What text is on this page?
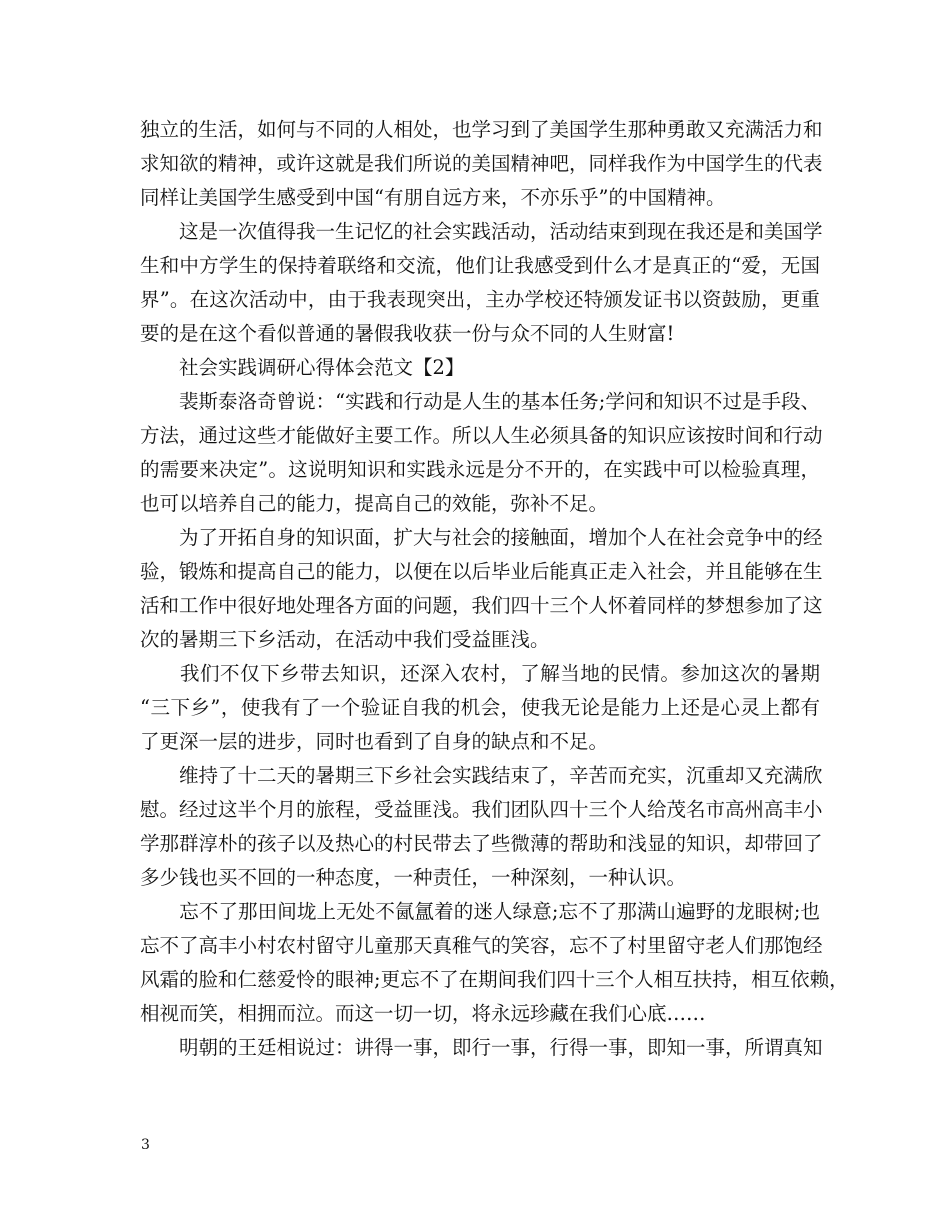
独立的生活，如何与不同的人相处，也学习到了美国学生那种勇敢又充满活力和
求知欲的精神，或许这就是我们所说的美国精神吧，同样我作为中国学生的代表
同样让美国学生感受到中国“有朋自远方来，不亦乐乎”的中国精神。
　　这是一次值得我一生记忆的社会实践活动，活动结束到现在我还是和美国学
生和中方学生的保持着联络和交流，他们让我感受到什么才是真正的“爱，无国
界”。在这次活动中，由于我表现突出，主办学校还特颁发证书以资鼓励，更重
要的是在这个看似普通的暑假我收获一份与众不同的人生财富!
　　社会实践调研心得体会范文【2】
　　裴斯泰洛奇曾说：“实践和行动是人生的基本任务;学问和知识不过是手段、
方法，通过这些才能做好主要工作。所以人生必须具备的知识应该按时间和行动
的需要来决定”。这说明知识和实践永远是分不开的，在实践中可以检验真理，
也可以培养自己的能力，提高自己的效能，弥补不足。
　　为了开拓自身的知识面，扩大与社会的接触面，增加个人在社会竞争中的经
验，锻炼和提高自己的能力，以便在以后毕业后能真正走入社会，并且能够在生
活和工作中很好地处理各方面的问题，我们四十三个人怀着同样的梦想参加了这
次的暑期三下乡活动，在活动中我们受益匪浅。
　　我们不仅下乡带去知识，还深入农村，了解当地的民情。参加这次的暑期
“三下乡”，使我有了一个验证自我的机会，使我无论是能力上还是心灵上都有
了更深一层的进步，同时也看到了自身的缺点和不足。
　　维持了十二天的暑期三下乡社会实践结束了，辛苦而充实，沉重却又充满欣
慰。经过这半个月的旅程，受益匪浅。我们团队四十三个人给茂名市高州高丰小
学那群淳朴的孩子以及热心的村民带去了些微薄的帮助和浅显的知识，却带回了
多少钱也买不回的一种态度，一种责任，一种深刻，一种认识。
　　忘不了那田间垅上无处不氤氲着的迷人绿意;忘不了那满山遍野的龙眼树;也
忘不了高丰小村农村留守儿童那天真稚气的笑容，忘不了村里留守老人们那饱经
风霜的脸和仁慈爱怜的眼神;更忘不了在期间我们四十三个人相互扶持，相互依赖，
相视而笑，相拥而泣。而这一切一切，将永远珍藏在我们心底……
　　明朝的王廷相说过：讲得一事，即行一事，行得一事，即知一事，所谓真知
3
